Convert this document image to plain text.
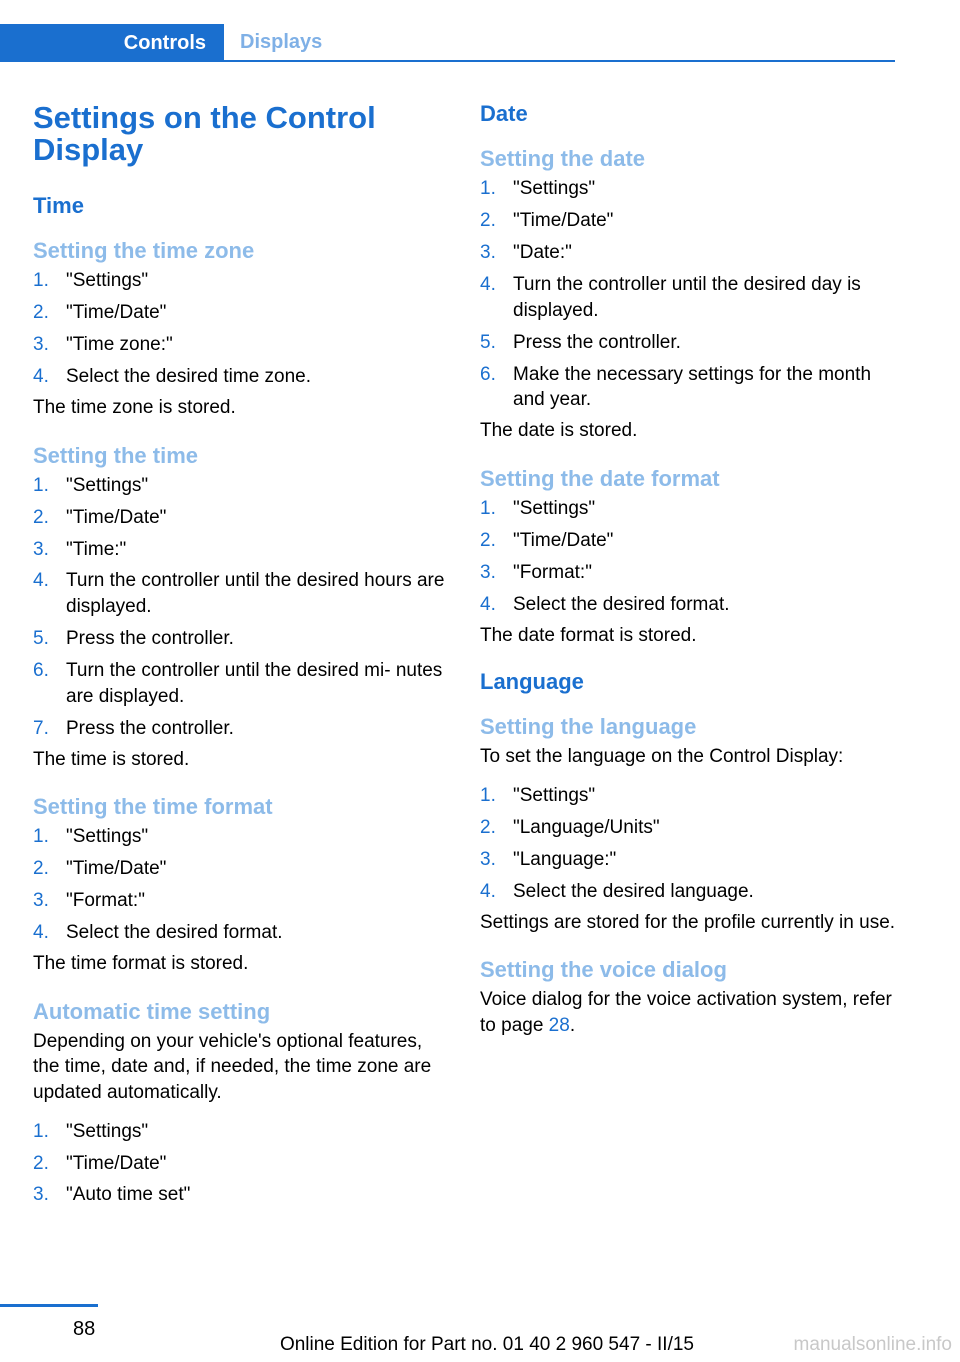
Controls	Displays
Settings on the Control Display
Time
Setting the time zone
1. "Settings"
2. "Time/Date"
3. "Time zone:"
4. Select the desired time zone.

The time zone is stored.

Setting the time
1. "Settings"
2. "Time/Date"
3. "Time:"
4. Turn the controller until the desired hours are displayed.
5. Press the controller.
6. Turn the controller until the desired mi‐ nutes are displayed.
7. Press the controller.

The time is stored.

Setting the time format
1. "Settings"
2. "Time/Date"
3. "Format:"
4. Select the desired format.

The time format is stored.

Automatic time setting

Depending on your vehicle's optional features, the time, date and, if needed, the time zone are updated automatically.

1. "Settings"
2. "Time/Date"
3. "Auto time set"
Date
Setting the date
1. "Settings"
2. "Time/Date"
3. "Date:"
4. Turn the controller until the desired day is displayed.
5. Press the controller.
6. Make the necessary settings for the month and year.

The date is stored.

Setting the date format
1. "Settings"
2. "Time/Date"
3. "Format:"
4. Select the desired format.

The date format is stored.

Language
Setting the language

To set the language on the Control Display:

1. "Settings"
2. "Language/Units"
3. "Language:"
4. Select the desired language.

Settings are stored for the profile currently in use.

Setting the voice dialog

Voice dialog for the voice activation system, refer to page 28.

88
Online Edition for Part no. 01 40 2 960 547 - II/15	manualsonline.info
